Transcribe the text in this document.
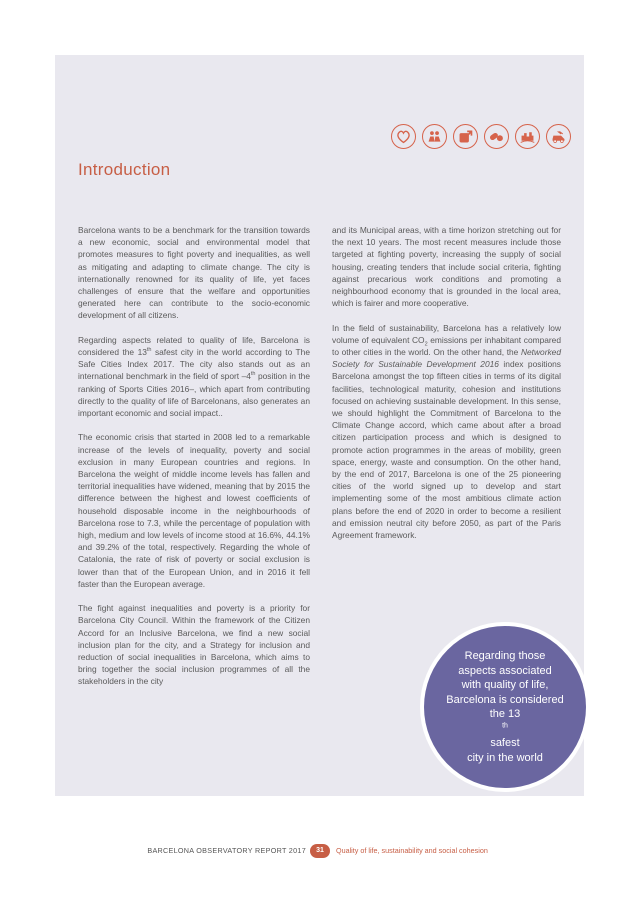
Introduction

Barcelona wants to be a benchmark for the transition towards a new economic, social and environmental model that promotes measures to fight poverty and inequalities, as well as mitigating and adapting to climate change. The city is internationally renowned for its quality of life, yet faces challenges of ensure that the welfare and opportunities generated here can contribute to the socio-economic development of all citizens.

Regarding aspects related to quality of life, Barcelona is considered the 13th safest city in the world according to The Safe Cities Index 2017. The city also stands out as an international benchmark in the field of sport –4th position in the ranking of Sports Cities 2016–, which apart from contributing directly to the quality of life of Barcelonans, also generates an important economic and social impact..

The economic crisis that started in 2008 led to a remarkable increase of the levels of inequality, poverty and social exclusion in many European countries and regions. In Barcelona the weight of middle income levels has fallen and territorial inequalities have widened, meaning that by 2015 the difference between the highest and lowest coefficients of household disposable income in the neighbourhoods of Barcelona rose to 7.3, while the percentage of population with high, medium and low levels of income stood at 16.6%, 44.1% and 39.2% of the total, respectively. Regarding the whole of Catalonia, the rate of risk of poverty or social exclusion is lower than that of the European Union, and in 2016 it fell faster than the European average.

The fight against inequalities and poverty is a priority for Barcelona City Council. Within the framework of the Citizen Accord for an Inclusive Barcelona, we find a new social inclusion plan for the city, and a Strategy for inclusion and reduction of social inequalities in Barcelona, which aims to bring together the social inclusion programmes of all the stakeholders in the city

and its Municipal areas, with a time horizon stretching out for the next 10 years. The most recent measures include those targeted at fighting poverty, increasing the supply of social housing, creating tenders that include social criteria, fighting against precarious work conditions and promoting a neighbourhood economy that is grounded in the local area, which is fairer and more cooperative.

In the field of sustainability, Barcelona has a relatively low volume of equivalent $CO_2$ emissions per inhabitant compared to other cities in the world. On the other hand, the Networked Society for Sustainable Development 2016 index positions Barcelona amongst the top fifteen cities in terms of its digital facilities, technological maturity, cohesion and institutions focused on achieving sustainable development. In this sense, we should highlight the Commitment of Barcelona to the Climate Change accord, which came about after a broad citizen participation process and which is designed to promote action programmes in the areas of mobility, green space, energy, waste and consumption. On the other hand, by the end of 2017, Barcelona is one of the 25 pioneering cities of the world signed up to develop and start implementing some of the most ambitious climate action plans before the end of 2020 in order to become a resilient and emission neutral city before 2050, as part of the Paris Agreement framework.

Regarding those
aspects associated
with quality of life,
Barcelona is considered
the 13
$^{th}$
safest
city in the world
BARCELONA OBSERVATORY REPORT 2017	31	Quality of life, sustainability and social cohesion
